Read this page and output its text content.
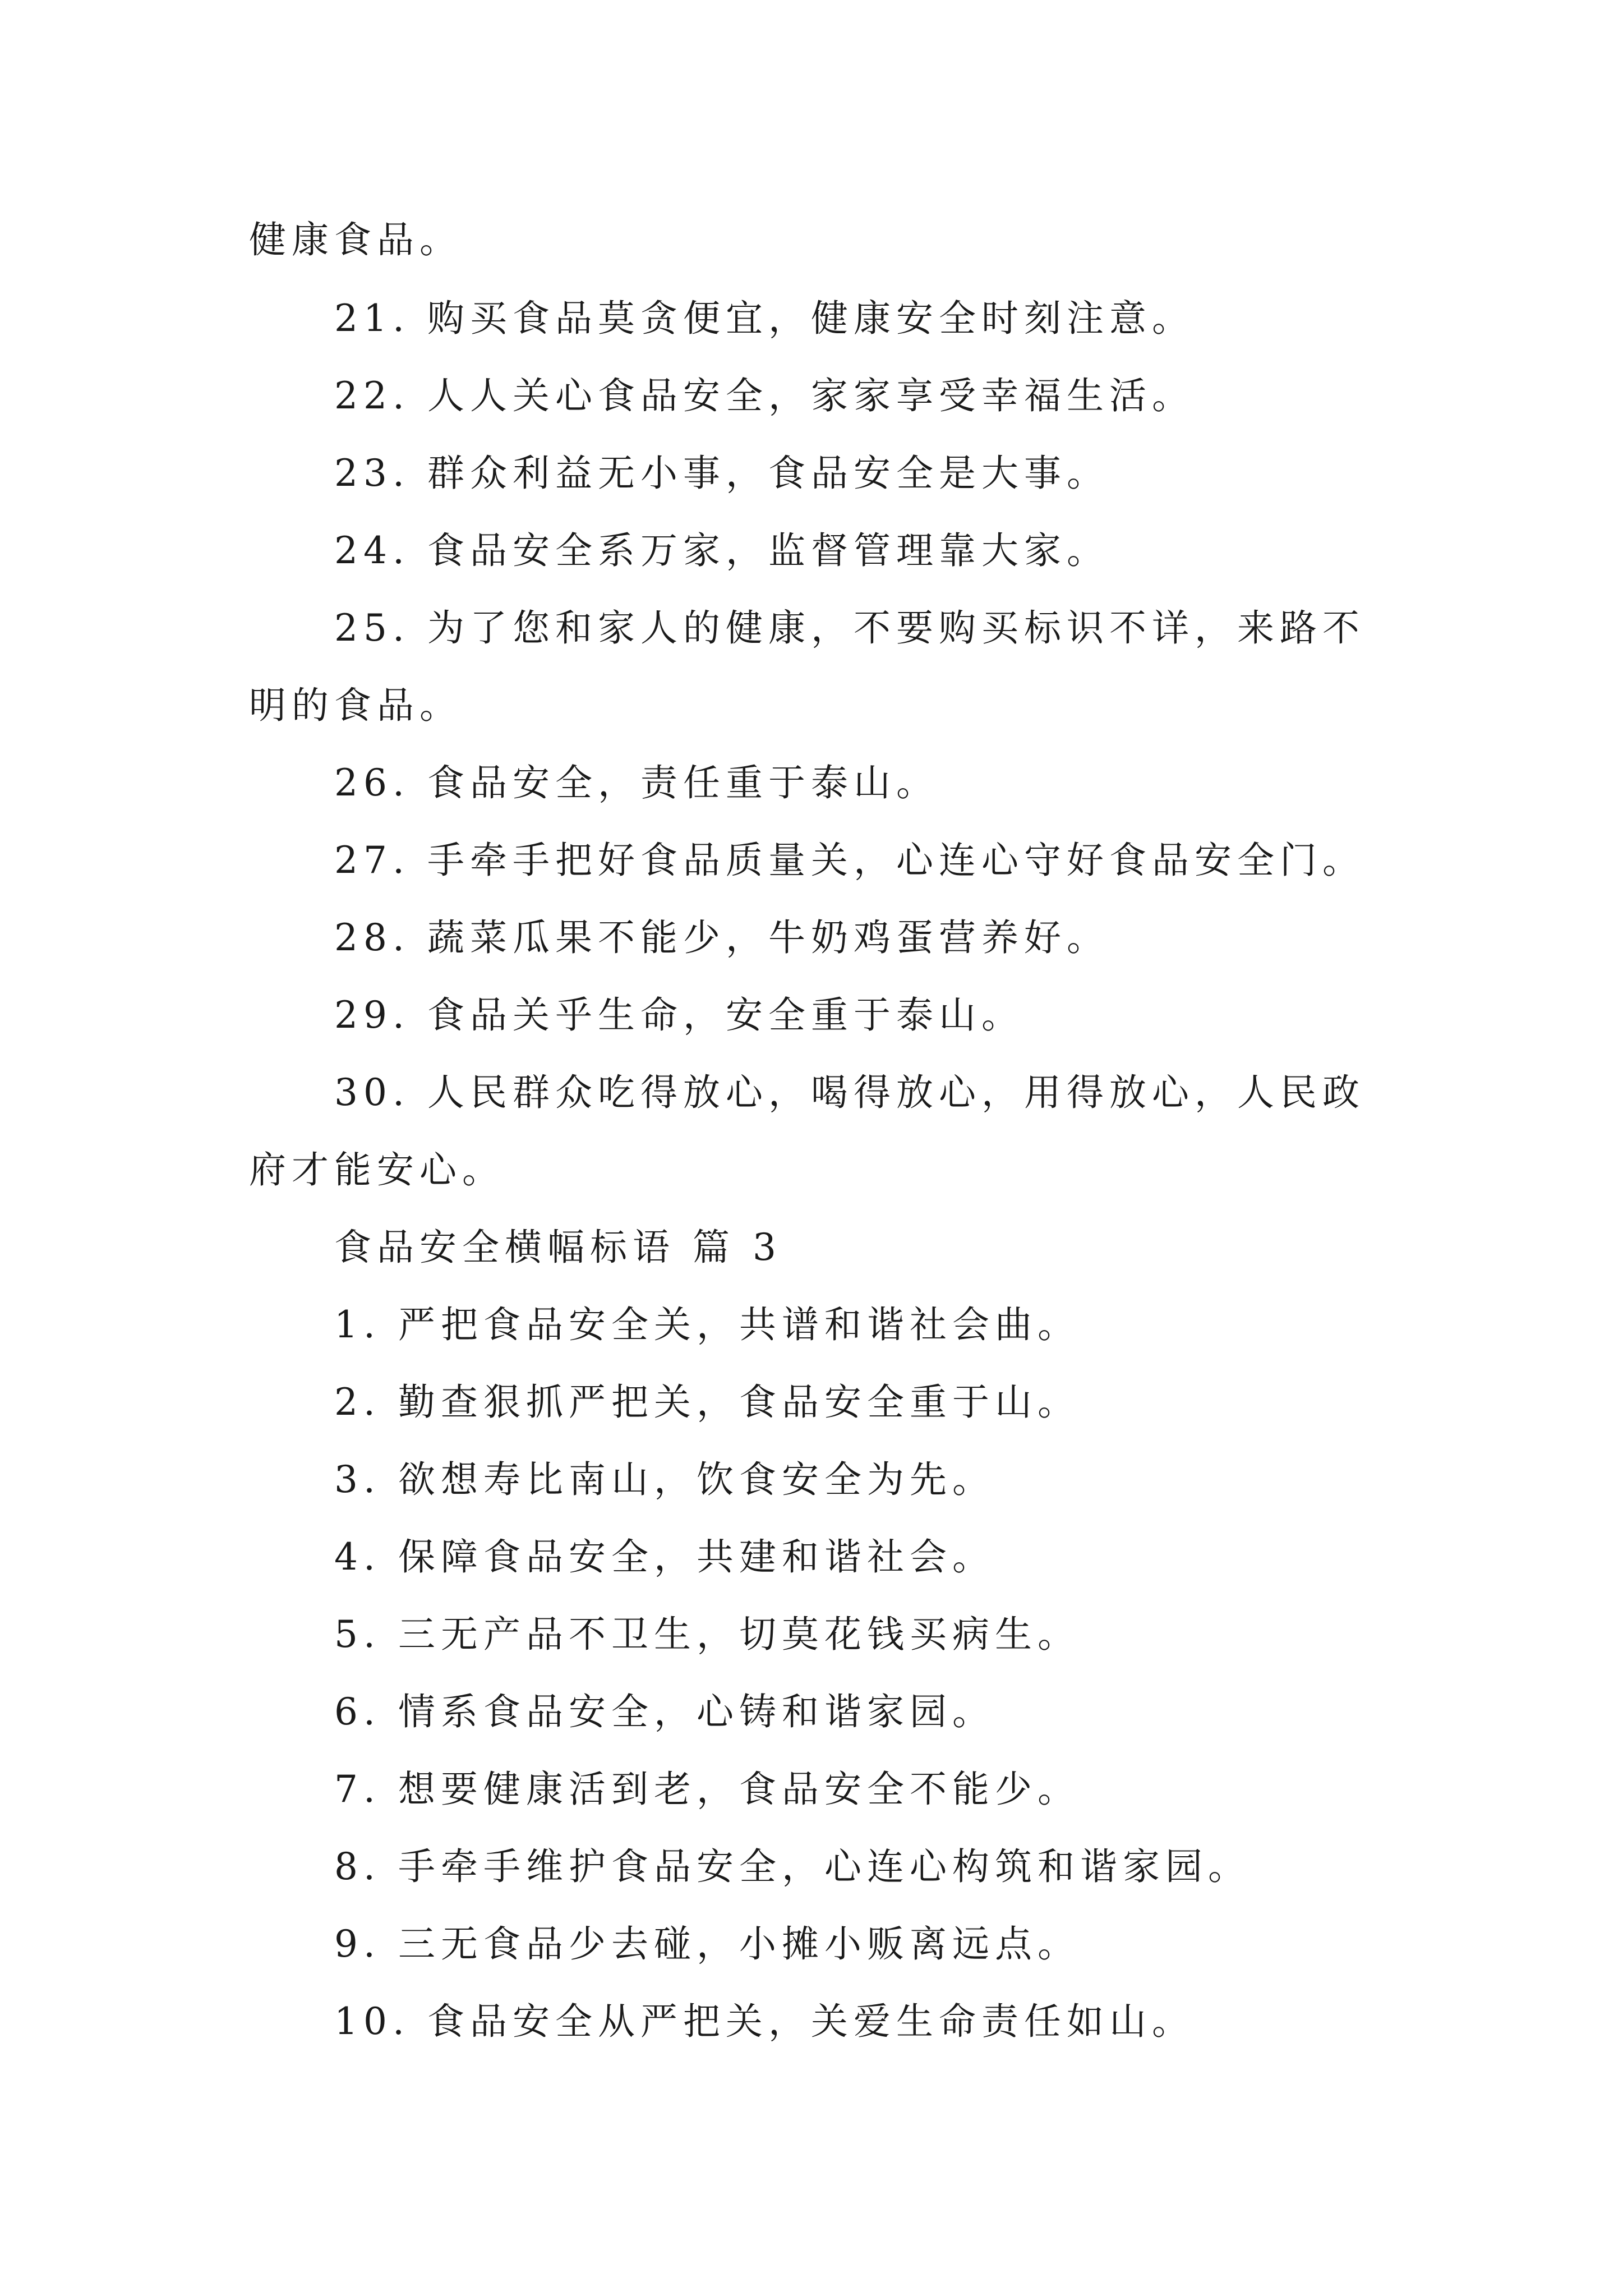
健康食品。
21. 购买食品莫贪便宜，健康安全时刻注意。
22. 人人关心食品安全，家家享受幸福生活。
23. 群众利益无小事，食品安全是大事。
24. 食品安全系万家，监督管理靠大家。
25. 为了您和家人的健康，不要购买标识不详，来路不
明的食品。
26. 食品安全，责任重于泰山。
27. 手牵手把好食品质量关，心连心守好食品安全门。
28. 蔬菜瓜果不能少，牛奶鸡蛋营养好。
29. 食品关乎生命，安全重于泰山。
30. 人民群众吃得放心，喝得放心，用得放心，人民政
府才能安心。
食品安全横幅标语 篇 3
1. 严把食品安全关，共谱和谐社会曲。
2. 勤查狠抓严把关，食品安全重于山。
3. 欲想寿比南山，饮食安全为先。
4. 保障食品安全，共建和谐社会。
5. 三无产品不卫生，切莫花钱买病生。
6. 情系食品安全，心铸和谐家园。
7. 想要健康活到老，食品安全不能少。
8. 手牵手维护食品安全，心连心构筑和谐家园。
9. 三无食品少去碰，小摊小贩离远点。
10. 食品安全从严把关，关爱生命责任如山。
